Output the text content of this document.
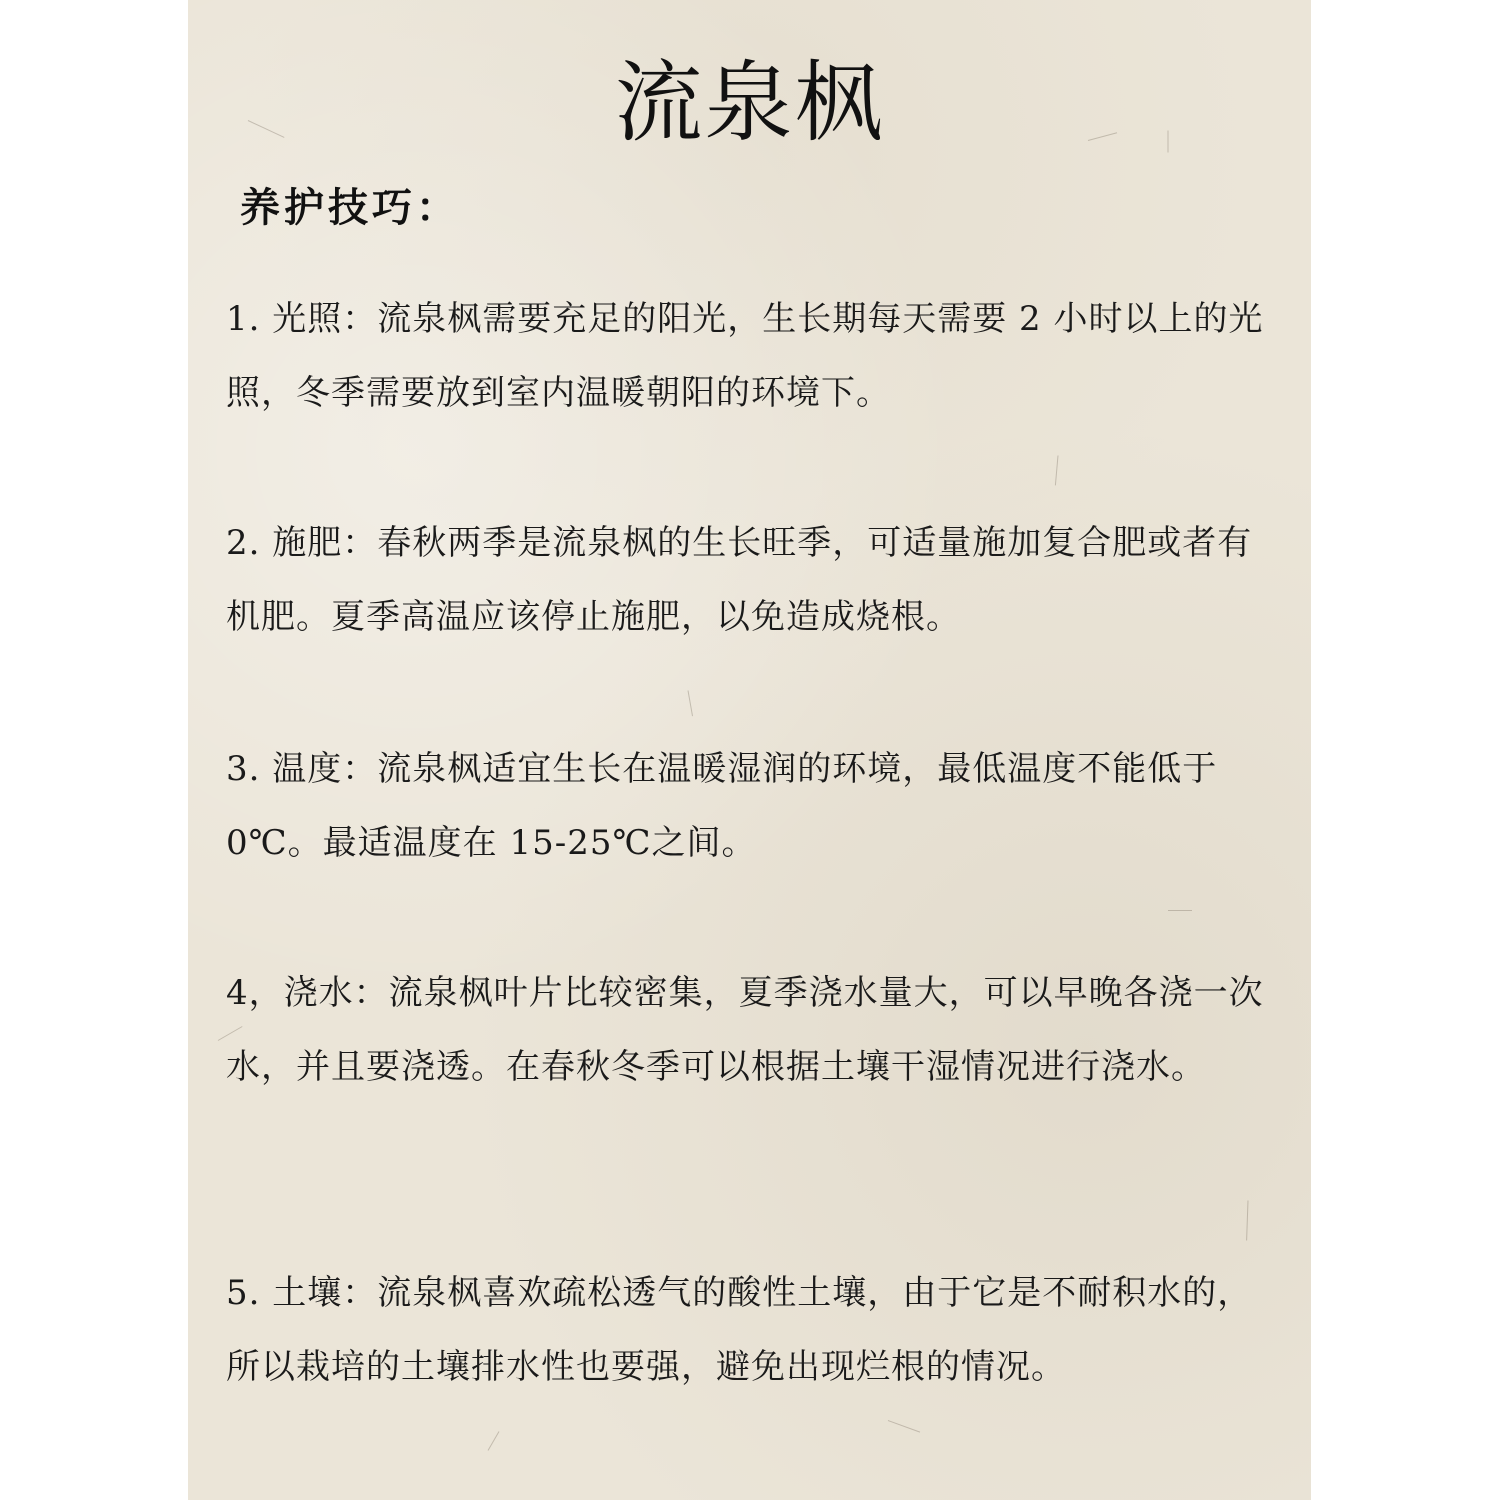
流泉枫
养护技巧：

1. 光照：流泉枫需要充足的阳光，生长期每天需要 2 小时以上的光照，冬季需要放到室内温暖朝阳的环境下。

2. 施肥：春秋两季是流泉枫的生长旺季，可适量施加复合肥或者有机肥。夏季高温应该停止施肥，以免造成烧根。

3. 温度：流泉枫适宜生长在温暖湿润的环境，最低温度不能低于 0℃。最适温度在 15-25℃之间。

4，浇水：流泉枫叶片比较密集，夏季浇水量大，可以早晚各浇一次水，并且要浇透。在春秋冬季可以根据土壤干湿情况进行浇水。

5. 土壤：流泉枫喜欢疏松透气的酸性土壤，由于它是不耐积水的，所以栽培的土壤排水性也要强，避免出现烂根的情况。
